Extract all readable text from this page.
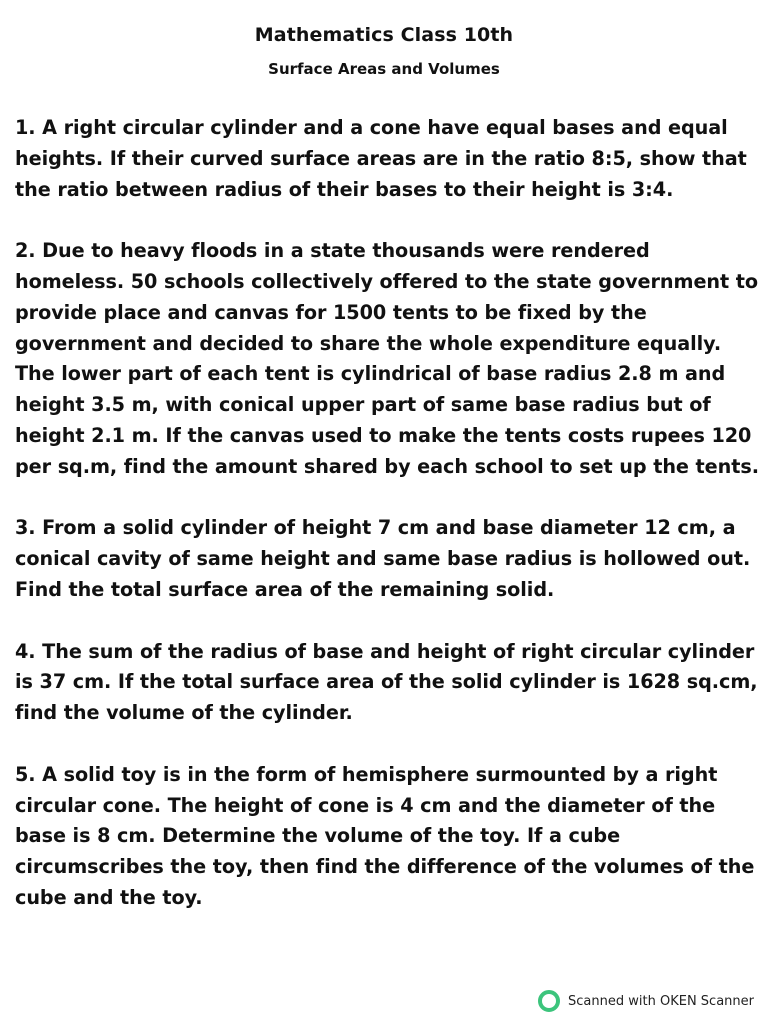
Mathematics Class 10th
Surface Areas and Volumes

1. A right circular cylinder and a cone have equal bases and equal heights. If their curved surface areas are in the ratio 8:5, show that the ratio between radius of their bases to their height is 3:4.

2. Due to heavy floods in a state thousands were rendered homeless. 50 schools collectively offered to the state government to provide place and canvas for 1500 tents to be fixed by the government and decided to share the whole expenditure equally. The lower part of each tent is cylindrical of base radius 2.8 m and height 3.5 m, with conical upper part of same base radius but of height 2.1 m. If the canvas used to make the tents costs rupees 120 per sq.m, find the amount shared by each school to set up the tents.

3. From a solid cylinder of height 7 cm and base diameter 12 cm, a conical cavity of same height and same base radius is hollowed out. Find the total surface area of the remaining solid.

4. The sum of the radius of base and height of right circular cylinder is 37 cm. If the total surface area of the solid cylinder is 1628 sq.cm, find the volume of the cylinder.

5. A solid toy is in the form of hemisphere surmounted by a right circular cone. The height of cone is 4 cm and the diameter of the base is 8 cm. Determine the volume of the toy. If a cube circumscribes the toy, then find the difference of the volumes of the cube and the toy.

Scanned with OKEN Scanner
